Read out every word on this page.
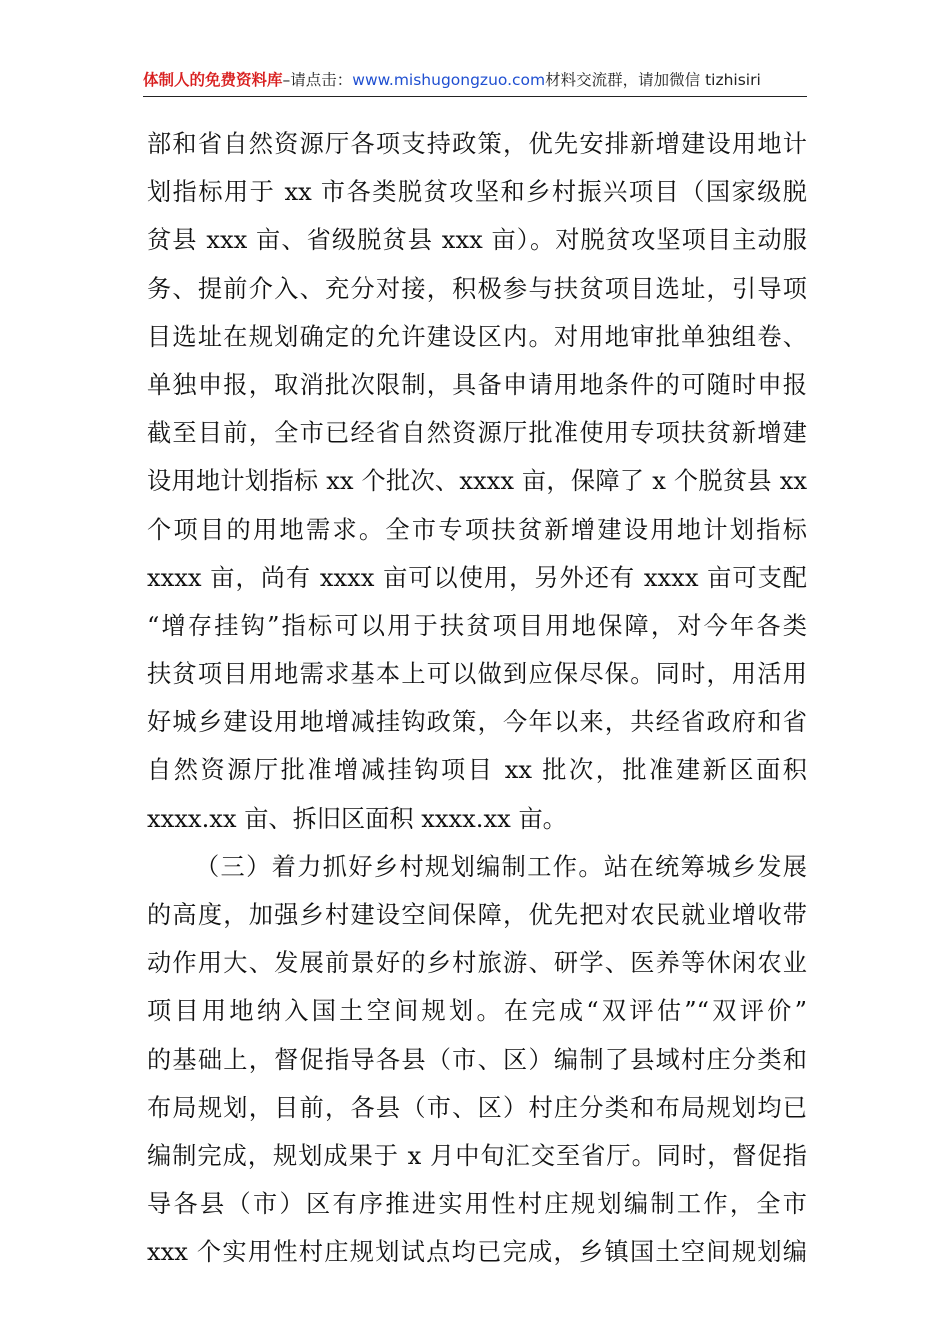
体制人的免费资料库–请点击：www.mishugongzuo.com材料交流群，请加微信 tizhisiri
部和省自然资源厅各项支持政策，优先安排新增建设用地计
划指标用于 xx 市各类脱贫攻坚和乡村振兴项目（国家级脱
贫县 xxx 亩、省级脱贫县 xxx 亩）。对脱贫攻坚项目主动服
务、提前介入、充分对接，积极参与扶贫项目选址，引导项
目选址在规划确定的允许建设区内。对用地审批单独组卷、
单独申报，取消批次限制，具备申请用地条件的可随时申报
截至目前，全市已经省自然资源厅批准使用专项扶贫新增建
设用地计划指标 xx 个批次、xxxx 亩，保障了 x 个脱贫县 xx
个项目的用地需求。全市专项扶贫新增建设用地计划指标
xxxx 亩，尚有 xxxx 亩可以使用，另外还有 xxxx 亩可支配
“增存挂钩”指标可以用于扶贫项目用地保障，对今年各类
扶贫项目用地需求基本上可以做到应保尽保。同时，用活用
好城乡建设用地增减挂钩政策，今年以来，共经省政府和省
自然资源厅批准增减挂钩项目 xx 批次，批准建新区面积
xxxx.xx 亩、拆旧区面积 xxxx.xx 亩。
（三）着力抓好乡村规划编制工作。站在统筹城乡发展
的高度，加强乡村建设空间保障，优先把对农民就业增收带
动作用大、发展前景好的乡村旅游、研学、医养等休闲农业
项目用地纳入国土空间规划。在完成“双评估”“双评价”
的基础上，督促指导各县（市、区）编制了县域村庄分类和
布局规划，目前，各县（市、区）村庄分类和布局规划均已
编制完成，规划成果于 x 月中旬汇交至省厅。同时，督促指
导各县（市）区有序推进实用性村庄规划编制工作，全市
xxx 个实用性村庄规划试点均已完成，乡镇国土空间规划编
